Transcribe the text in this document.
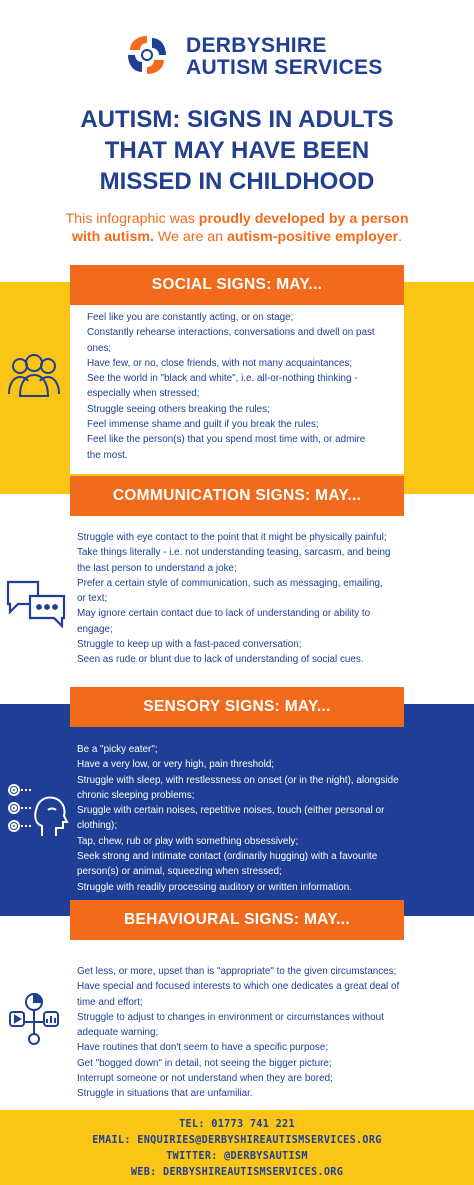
DERBYSHIRE
AUTISM SERVICES
AUTISM: SIGNS IN ADULTS
THAT MAY HAVE BEEN
MISSED IN CHILDHOOD
This infographic was proudly developed by a person
with autism. We are an autism-positive employer.
SOCIAL SIGNS: MAY...
Feel like you are constantly acting, or on stage;
Constantly rehearse interactions, conversations and dwell on past
ones;
Have few, or no, close friends, with not many acquaintances;
See the world in "black and white", i.e. all-or-nothing thinking -
especially when stressed;
Struggle seeing others breaking the rules;
Feel immense shame and guilt if you break the rules;
Feel like the person(s) that you spend most time with, or admire
the most.
COMMUNICATION SIGNS: MAY...
Struggle with eye contact to the point that it might be physically painful;
Take things literally - i.e. not understanding teasing, sarcasm, and being
the last person to understand a joke;
Prefer a certain style of communication, such as messaging, emailing,
or text;
May ignore certain contact due to lack of understanding or ability to
engage;
Struggle to keep up with a fast-paced conversation;
Seen as rude or blunt due to lack of understanding of social cues.
SENSORY SIGNS: MAY...
Be a "picky eater";
Have a very low, or very high, pain threshold;
Struggle with sleep, with restlessness on onset (or in the night), alongside
chronic sleeping problems;
Sruggle with certain noises, repetitive noises, touch (either personal or
clothing);
Tap, chew, rub or play with something obsessively;
Seek strong and intimate contact (ordinarily hugging) with a favourite
person(s) or animal, squeezing when stressed;
Struggle with readily processing auditory or written information.
BEHAVIOURAL SIGNS: MAY...
Get less, or more, upset than is "appropriate" to the given circumstances;
Have special and focused interests to which one dedicates a great deal of
time and effort;
Struggle to adjust to changes in environment or circumstances without
adequate warning;
Have routines that don't seem to have a specific purpose;
Get "bogged down" in detail, not seeing the bigger picture;
Interrupt someone or not understand when they are bored;
Struggle in situations that are unfamiliar.
TEL: 01773 741 221
EMAIL: ENQUIRIES@DERBYSHIREAUTISMSERVICES.ORG
TWITTER: @DERBYSAUTISM
WEB: DERBYSHIREAUTISMSERVICES.ORG
